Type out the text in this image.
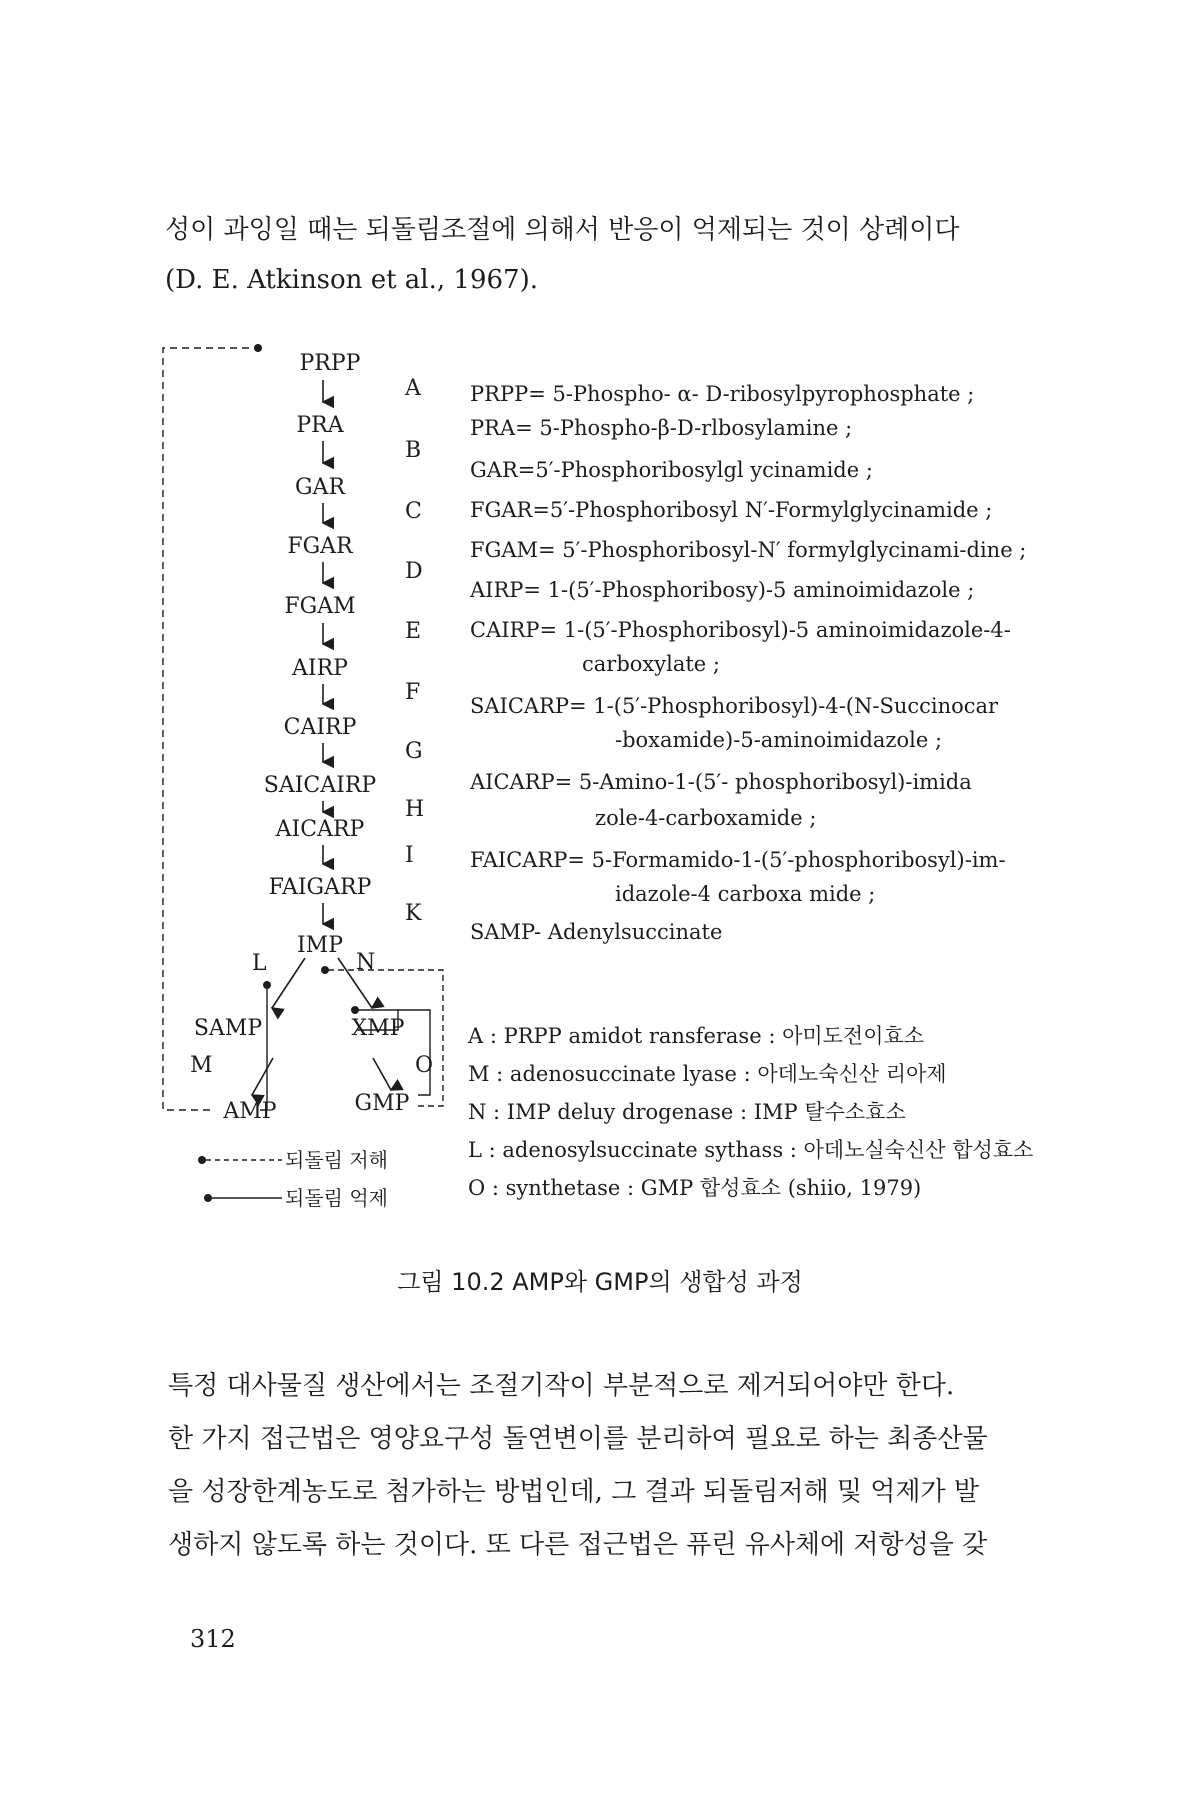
성이 과잉일 때는 되돌림조절에 의해서 반응이 억제되는 것이 상례이다
(D. E. Atkinson et al., 1967).
PRPP
PRA
GAR
FGAR
FGAM
AIRP
CAIRP
SAICAIRP
AICARP
FAIGARP
IMP
A
B
C
D
E
F
G
H
I
K
L	N
SAMP	XMP
M	O
AMP	GMP
되돌림 저해
되돌림 억제
PRPP= 5-Phospho- α- D-ribosylpyrophosphate ;
PRA= 5-Phospho-β-D-rlbosylamine ;
GAR=5′-Phosphoribosylgl ycinamide ;
FGAR=5′-Phosphoribosyl N′-Formylglycinamide ;
FGAM= 5′-Phosphoribosyl-N′ formylglycinami-dine ;
AIRP= 1-(5′-Phosphoribosy)-5 aminoimidazole ;
CAIRP= 1-(5′-Phosphoribosyl)-5 aminoimidazole-4-
carboxylate ;
SAICARP= 1-(5′-Phosphoribosyl)-4-(N-Succinocar
-boxamide)-5-aminoimidazole ;
AICARP= 5-Amino-1-(5′- phosphoribosyl)-imida
zole-4-carboxamide ;
FAICARP= 5-Formamido-1-(5′-phosphoribosyl)-im-
idazole-4 carboxa mide ;
SAMP- Adenylsuccinate
A : PRPP amidot ransferase : 아미도전이효소
M : adenosuccinate lyase : 아데노숙신산 리아제
N : IMP deluy drogenase : IMP 탈수소효소
L : adenosylsuccinate sythass : 아데노실숙신산 합성효소
O : synthetase : GMP 합성효소 (shiio, 1979)
그림 10.2 AMP와 GMP의 생합성 과정
특정 대사물질 생산에서는 조절기작이 부분적으로 제거되어야만 한다.
한 가지 접근법은 영양요구성 돌연변이를 분리하여 필요로 하는 최종산물
을 성장한계농도로 첨가하는 방법인데, 그 결과 되돌림저해 및 억제가 발
생하지 않도록 하는 것이다. 또 다른 접근법은 퓨린 유사체에 저항성을 갖
312
